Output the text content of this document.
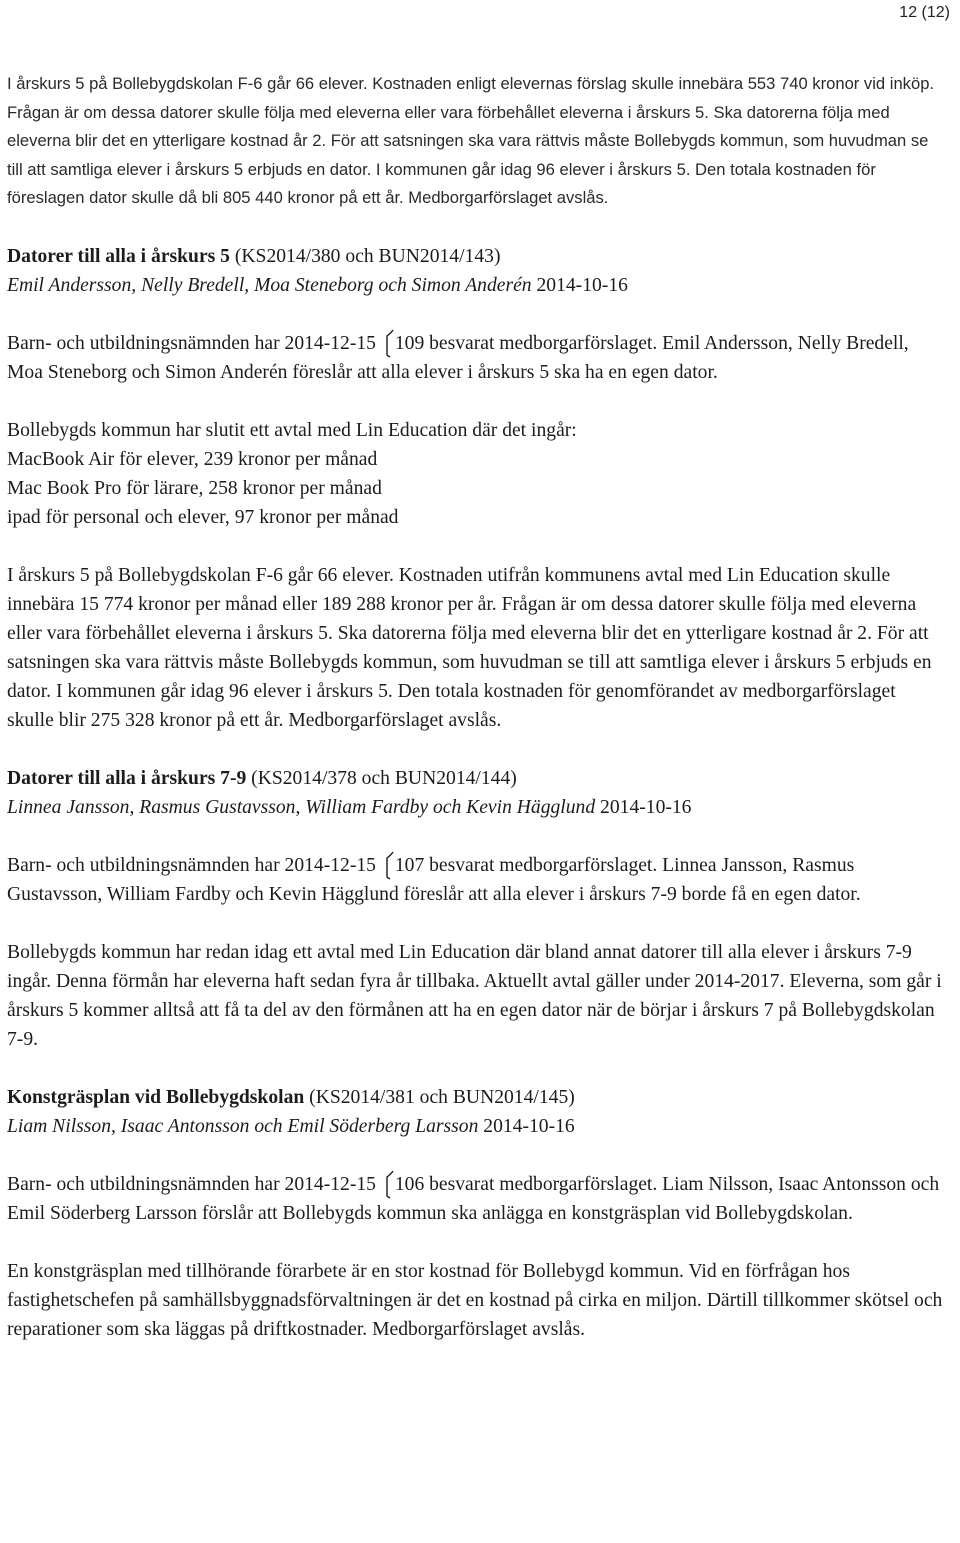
12 (12)

I årskurs 5 på Bollebygdskolan F-6 går 66 elever. Kostnaden enligt elevernas förslag skulle innebära 553 740 kronor vid inköp. Frågan är om dessa datorer skulle följa med eleverna eller vara förbehållet eleverna i årskurs 5. Ska datorerna följa med eleverna blir det en ytterligare kostnad år 2. För att satsningen ska vara rättvis måste Bollebygds kommun, som huvudman se till att samtliga elever i årskurs 5 erbjuds en dator. I kommunen går idag 96 elever i årskurs 5. Den totala kostnaden för föreslagen dator skulle då bli 805 440 kronor på ett år. Medborgarförslaget avslås.

Datorer till alla i årskurs 5 (KS2014/380 och BUN2014/143)

Emil Andersson, Nelly Bredell, Moa Steneborg och Simon Anderén 2014-10-16

Barn- och utbildningsnämnden har 2014-12-15
109 besvarat medborgarförslaget. Emil Andersson, Nelly Bredell, Moa Steneborg och Simon Anderén föreslår att alla elever i årskurs 5 ska ha en egen dator.

Bollebygds kommun har slutit ett avtal med Lin Education där det ingår:

MacBook Air för elever, 239 kronor per månad

Mac Book Pro för lärare, 258 kronor per månad

ipad för personal och elever, 97 kronor per månad

I årskurs 5 på Bollebygdskolan F-6 går 66 elever. Kostnaden utifrån kommunens avtal med Lin Education skulle innebära 15 774 kronor per månad eller 189 288 kronor per år. Frågan är om dessa datorer skulle följa med eleverna eller vara förbehållet eleverna i årskurs 5. Ska datorerna följa med eleverna blir det en ytterligare kostnad år 2. För att satsningen ska vara rättvis måste Bollebygds kommun, som huvudman se till att samtliga elever i årskurs 5 erbjuds en dator. I kommunen går idag 96 elever i årskurs 5. Den totala kostnaden för genomförandet av medborgarförslaget skulle blir 275 328 kronor på ett år. Medborgarförslaget avslås.

Datorer till alla i årskurs 7-9 (KS2014/378 och BUN2014/144)

Linnea Jansson, Rasmus Gustavsson, William Fardby och Kevin Hägglund 2014-10-16

Barn- och utbildningsnämnden har 2014-12-15
107 besvarat medborgarförslaget. Linnea Jansson, Rasmus Gustavsson, William Fardby och Kevin Hägglund föreslår att alla elever i årskurs 7-9 borde få en egen dator.

Bollebygds kommun har redan idag ett avtal med Lin Education där bland annat datorer till alla elever i årskurs 7-9 ingår. Denna förmån har eleverna haft sedan fyra år tillbaka. Aktuellt avtal gäller under 2014-2017. Eleverna, som går i årskurs 5 kommer alltså att få ta del av den förmånen att ha en egen dator när de börjar i årskurs 7 på Bollebygdskolan 7-9.

Konstgräsplan vid Bollebygdskolan (KS2014/381 och BUN2014/145)

Liam Nilsson, Isaac Antonsson och Emil Söderberg Larsson 2014-10-16

Barn- och utbildningsnämnden har 2014-12-15
106 besvarat medborgarförslaget. Liam Nilsson, Isaac Antonsson och Emil Söderberg Larsson förslår att Bollebygds kommun ska anlägga en konstgräsplan vid Bollebygdskolan.

En konstgräsplan med tillhörande förarbete är en stor kostnad för Bollebygd kommun. Vid en förfrågan hos fastighetschefen på samhällsbyggnadsförvaltningen är det en kostnad på cirka en miljon. Därtill tillkommer skötsel och reparationer som ska läggas på driftkostnader. Medborgarförslaget avslås.
